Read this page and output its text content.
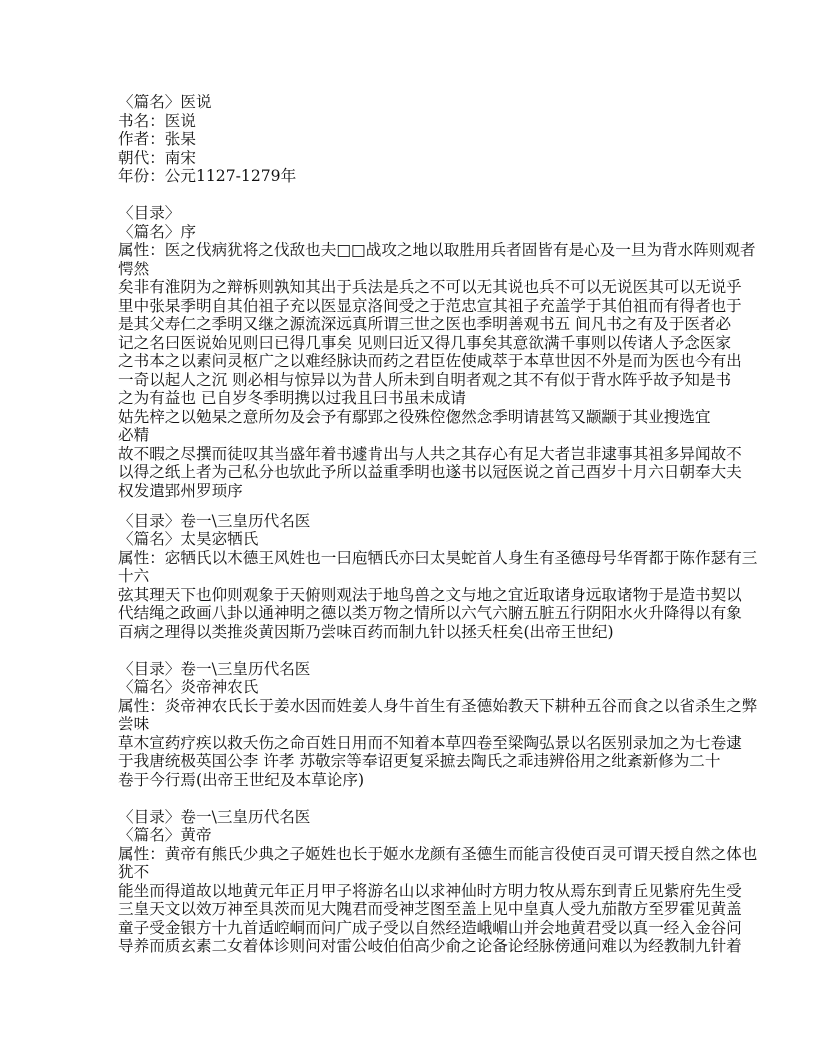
〈篇名〉医说
书名：医说
作者：张杲
朝代：南宋
年份：公元1127-1279年
〈目录〉
〈篇名〉序
属性：医之伐病犹将之伐敌也夫□□战攻之地以取胜用兵者固皆有是心及一旦为背水阵则观者
愕然
矣非有淮阴为之辩柝则孰知其出于兵法是兵之不可以无其说也兵不可以无说医其可以无说乎
里中张杲季明自其伯祖子充以医显京洛间受之于范忠宣其祖子充盖学于其伯祖而有得者也于
是其父寿仁之季明又继之源流深远真所谓三世之医也季明善观书五 间凡书之有及于医者必
记之名曰医说始见则曰已得几事矣 见则曰近又得几事矣其意欲满千事则以传诸人予念医家
之书本之以素问灵枢广之以难经脉诀而药之君臣佐使咸萃于本草世因不外是而为医也今有出
一奇以起人之沉 则必相与惊异以为昔人所未到自明者观之其不有似于背水阵乎故予知是书
之为有益也 已自岁冬季明携以过我且曰书虽未成请
姑先梓之以勉杲之意所勿及会予有鄢郢之役殊倥偬然念季明请甚笃又颛颛于其业搜选宜
必精
故不暇之尽撰而徒叹其当盛年着书遽肯出与人共之其存心有足大者岂非逮事其祖多异闻故不
以得之纸上者为己私分也欤此予所以益重季明也遂书以冠医说之首己酉岁十月六日朝奉大夫
权发遣郢州罗顼序
〈目录〉卷一\三皇历代名医
〈篇名〉太昊宓牺氏
属性：宓牺氏以木德王风姓也一曰庖牺氏亦曰太昊蛇首人身生有圣德母号华胥都于陈作瑟有三
十六
弦其理天下也仰则观象于天俯则观法于地鸟兽之文与地之宜近取诸身远取诸物于是造书契以
代结绳之政画八卦以通神明之德以类万物之情所以六气六腑五脏五行阴阳水火升降得以有象
百病之理得以类推炎黄因斯乃尝味百药而制九针以拯夭枉矣(出帝王世纪)
〈目录〉卷一\三皇历代名医
〈篇名〉炎帝神农氏
属性：炎帝神农氏长于姜水因而姓姜人身牛首生有圣德始教天下耕种五谷而食之以省杀生之弊
尝味
草木宣药疗疾以救夭伤之命百姓日用而不知着本草四卷至梁陶弘景以名医别录加之为七卷逮
于我唐统极英国公李 许孝 苏敬宗等奉诏更复采摭去陶氏之乖违辨俗用之纰紊新修为二十
卷于今行焉(出帝王世纪及本草论序)
〈目录〉卷一\三皇历代名医
〈篇名〉黄帝
属性：黄帝有熊氏少典之子姬姓也长于姬水龙颜有圣德生而能言役使百灵可谓天授自然之体也
犹不
能坐而得道故以地黄元年正月甲子将游名山以求神仙时方明力牧从焉东到青丘见紫府先生受
三皇天文以效万神至具茨而见大隗君而受神芝图至盖上见中皇真人受九茄散方至罗霍见黄盖
童子受金银方十九首适崆峒而问广成子受以自然经造峨嵋山并会地黄君受以真一经入金谷问
导养而质玄素二女着体诊则问对雷公岐伯伯高少俞之论备论经脉傍通问难以为经教制九针着
